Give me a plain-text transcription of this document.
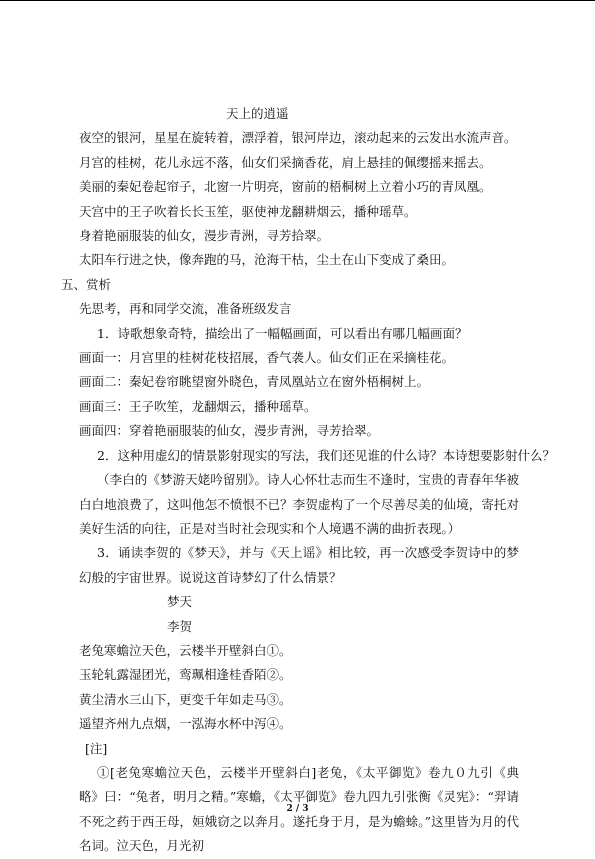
天上的逍遥
夜空的银河，星星在旋转着，漂浮着，银河岸边，滚动起来的云发出水流声音。
月宫的桂树，花儿永远不落，仙女们采摘香花，肩上悬挂的佩缨摇来摇去。
美丽的秦妃卷起帘子，北窗一片明亮，窗前的梧桐树上立着小巧的青凤凰。
天宫中的王子吹着长长玉笙，驱使神龙翻耕烟云，播种瑶草。
身着艳丽服装的仙女，漫步青洲，寻芳拾翠。
太阳车行进之快，像奔跑的马，沧海干枯，尘土在山下变成了桑田。
五、赏析
先思考，再和同学交流，准备班级发言
1．诗歌想象奇特，描绘出了一幅幅画面，可以看出有哪几幅画面？
画面一：月宫里的桂树花枝招展，香气袭人。仙女们正在采摘桂花。
画面二：秦妃卷帘眺望窗外晓色，青凤凰站立在窗外梧桐树上。
画面三：王子吹笙，龙翻烟云，播种瑶草。
画面四：穿着艳丽服装的仙女，漫步青洲，寻芳拾翠。
2．这种用虚幻的情景影射现实的写法，我们还见谁的什么诗？本诗想要影射什么？
（李白的《梦游天姥吟留别》。诗人心怀壮志而生不逢时，宝贵的青春年华被白白地浪费了，这叫他怎不愤恨不已？李贺虚构了一个尽善尽美的仙境，寄托对美好生活的向往，正是对当时社会现实和个人境遇不满的曲折表现。）
3．诵读李贺的《梦天》，并与《天上谣》相比较，再一次感受李贺诗中的梦幻般的宇宙世界。说说这首诗梦幻了什么情景？
梦天
李贺
老兔寒蟾泣天色，云楼半开壁斜白①。
玉轮轧露湿团光，鸾珮相逢桂香陌②。
黄尘清水三山下，更变千年如走马③。
遥望齐州九点烟，一泓海水杯中泻④。
[注]
①[老兔寒蟾泣天色，云楼半开壁斜白]老兔，《太平御览》卷九０九引《典略》曰：“兔者，明月之精。”寒蟾，《太平御览》卷九四九引张衡《灵宪》：“羿请不死之药于西王母，姮娥窃之以奔月。遂托身于月，是为蟾蜍。”这里皆为月的代名词。泣天色，月光初
2 / 3
